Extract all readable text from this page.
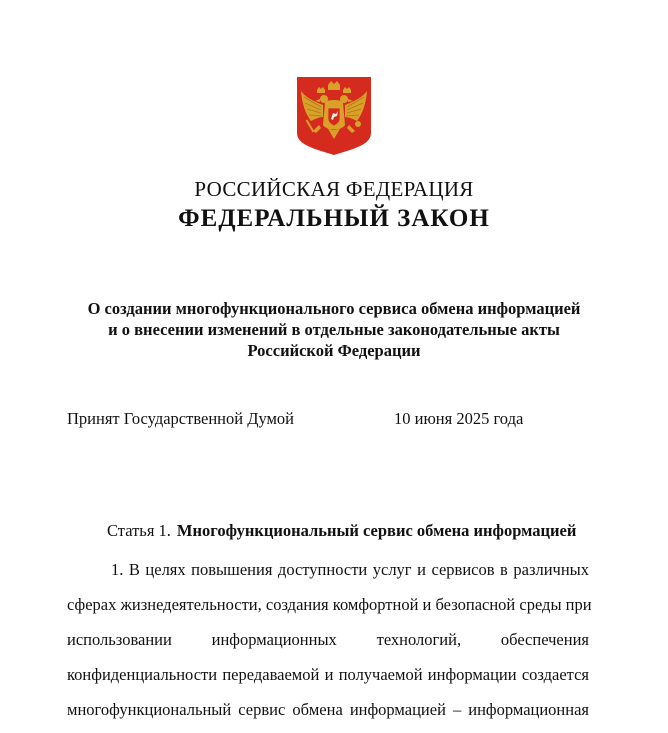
РОССИЙСКАЯ ФЕДЕРАЦИЯ
ФЕДЕРАЛЬНЫЙ ЗАКОН
О создании многофункционального сервиса обмена информацией
и о внесении изменений в отдельные законодательные акты
Российской Федерации
Принят Государственной Думой	10 июня 2025 года
Статья 1. Многофункциональный сервис обмена информацией
1. В целях повышения доступности услуг и сервисов в различных
сферах жизнедеятельности, создания комфортной и безопасной среды при
использовании информационных технологий, обеспечения
конфиденциальности передаваемой и получаемой информации создается
многофункциональный сервис обмена информацией – информационная
